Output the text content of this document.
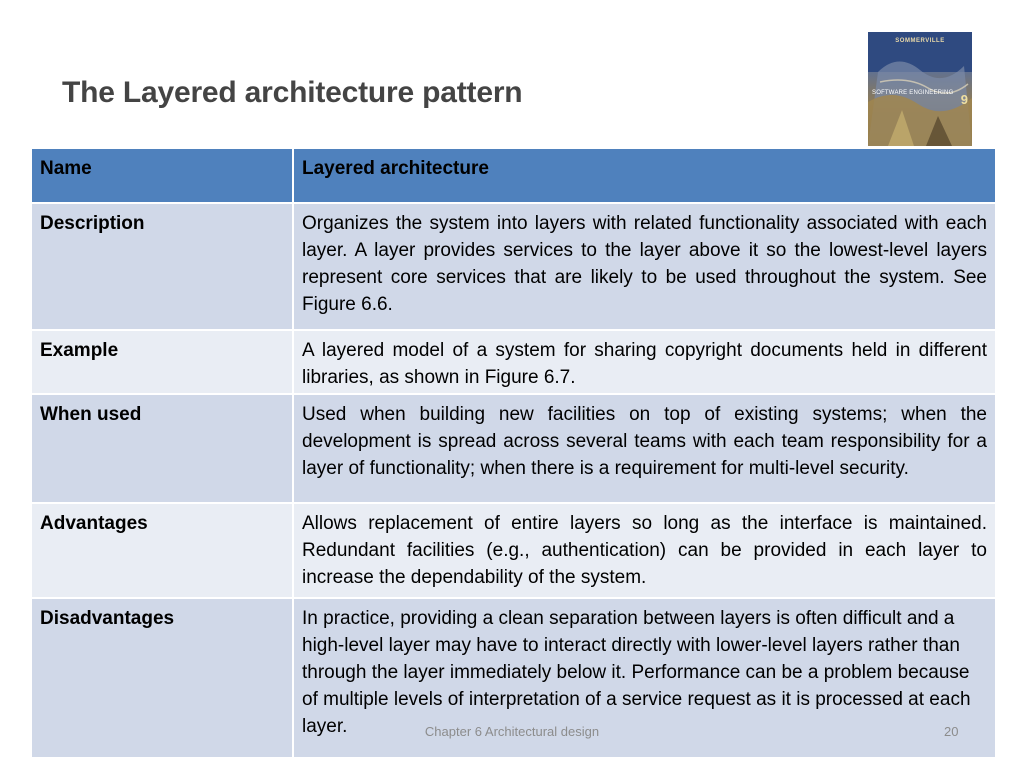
The Layered architecture pattern
SOMMERVILLE
SOFTWARE ENGINEERING 9
Name	Layered architecture
Description	Organizes the system into layers with related functionality associated with each layer. A layer provides services to the layer above it so the lowest-level layers represent core services that are likely to be used throughout the system. See Figure 6.6.
Example	A layered model of a system for sharing copyright documents held in different libraries, as shown in Figure 6.7.
When used	Used when building new facilities on top of existing systems; when the development is spread across several teams with each team responsibility for a layer of functionality; when there is a requirement for multi-level security.
Advantages	Allows replacement of entire layers so long as the interface is maintained. Redundant facilities (e.g., authentication) can be provided in each layer to increase the dependability of the system.
Disadvantages	In practice, providing a clean separation between layers is often difficult and a high-level layer may have to interact directly with lower-level layers rather than through the layer immediately below it. Performance can be a problem because of multiple levels of interpretation of a service request as it is processed at each layer.	Chapter 6 Architectural design	20
